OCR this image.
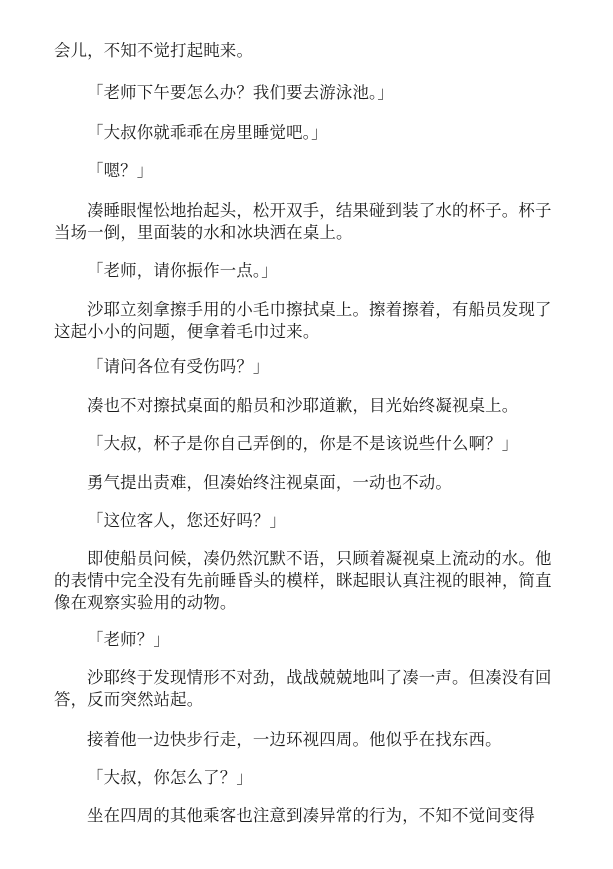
会儿，不知不觉打起盹来。

「老师下午要怎么办？我们要去游泳池。」

「大叔你就乖乖在房里睡觉吧。」

「嗯？」

凑睡眼惺忪地抬起头，松开双手，结果碰到装了水的杯子。杯子当场一倒，里面装的水和冰块洒在桌上。

「老师，请你振作一点。」

沙耶立刻拿擦手用的小毛巾擦拭桌上。擦着擦着，有船员发现了这起小小的问题，便拿着毛巾过来。

「请问各位有受伤吗？」

凑也不对擦拭桌面的船员和沙耶道歉，目光始终凝视桌上。

「大叔，杯子是你自己弄倒的，你是不是该说些什么啊？」

勇气提出责难，但凑始终注视桌面，一动也不动。

「这位客人，您还好吗？」

即使船员问候，凑仍然沉默不语，只顾着凝视桌上流动的水。他的表情中完全没有先前睡昏头的模样，眯起眼认真注视的眼神，简直像在观察实验用的动物。

「老师？」

沙耶终于发现情形不对劲，战战兢兢地叫了凑一声。但凑没有回答，反而突然站起。

接着他一边快步行走，一边环视四周。他似乎在找东西。

「大叔，你怎么了？」

坐在四周的其他乘客也注意到凑异常的行为，不知不觉间变得
